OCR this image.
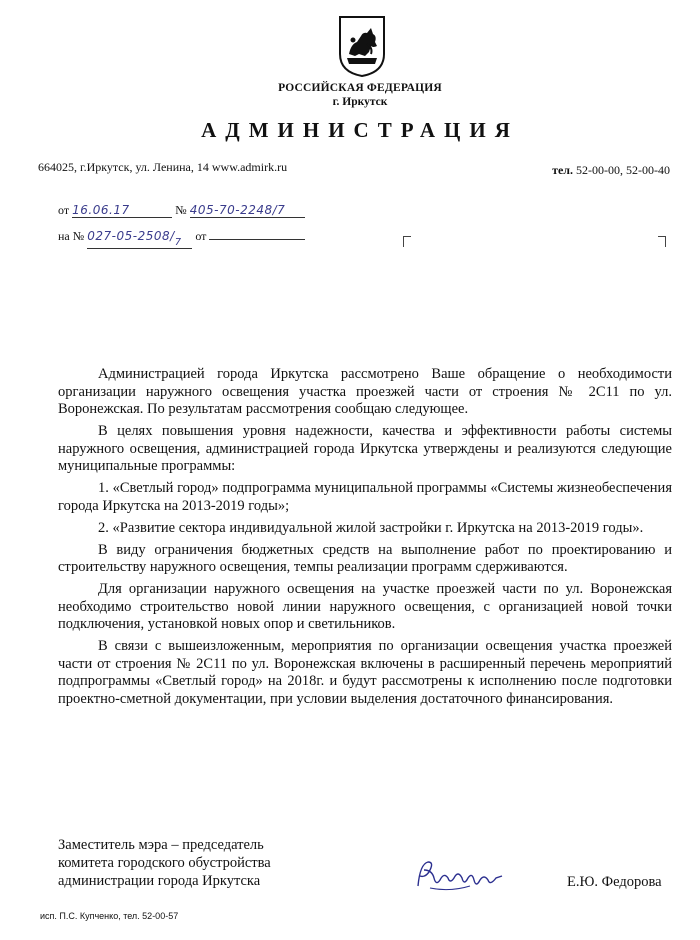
РОССИЙСКАЯ ФЕДЕРАЦИЯ
г. Иркутск
АДМИНИСТРАЦИЯ
664025, г.Иркутск, ул. Ленина, 14 www.admirk.ru	тел. 52-00-00, 52-00-40
от 16.06.17	№ 405-70-2248/7
на № 027-05-2508/7 от

Администрацией города Иркутска рассмотрено Ваше обращение о необходимости организации наружного освещения участка проезжей части от строения № 2С11 по ул. Воронежская. По результатам рассмотрения сообщаю следующее.

В целях повышения уровня надежности, качества и эффективности работы системы наружного освещения, администрацией города Иркутска утверждены и реализуются следующие муниципальные программы:

1. «Светлый город» подпрограмма муниципальной программы «Системы жизнеобеспечения города Иркутска на 2013-2019 годы»;

2. «Развитие сектора индивидуальной жилой застройки г. Иркутска на 2013-2019 годы».

В виду ограничения бюджетных средств на выполнение работ по проектированию и строительству наружного освещения, темпы реализации программ сдерживаются.

Для организации наружного освещения на участке проезжей части по ул. Воронежская необходимо строительство новой линии наружного освещения, с организацией новой точки подключения, установкой новых опор и светильников.

В связи с вышеизложенным, мероприятия по организации освещения участка проезжей части от строения № 2С11 по ул. Воронежская включены в расширенный перечень мероприятий подпрограммы «Светлый город» на 2018г. и будут рассмотрены к исполнению после подготовки проектно-сметной документации, при условии выделения достаточного финансирования.

Заместитель мэра – председатель
комитета городского обустройства
администрации города Иркутска	Е.Ю. Федорова
исп. П.С. Купченко, тел. 52-00-57
